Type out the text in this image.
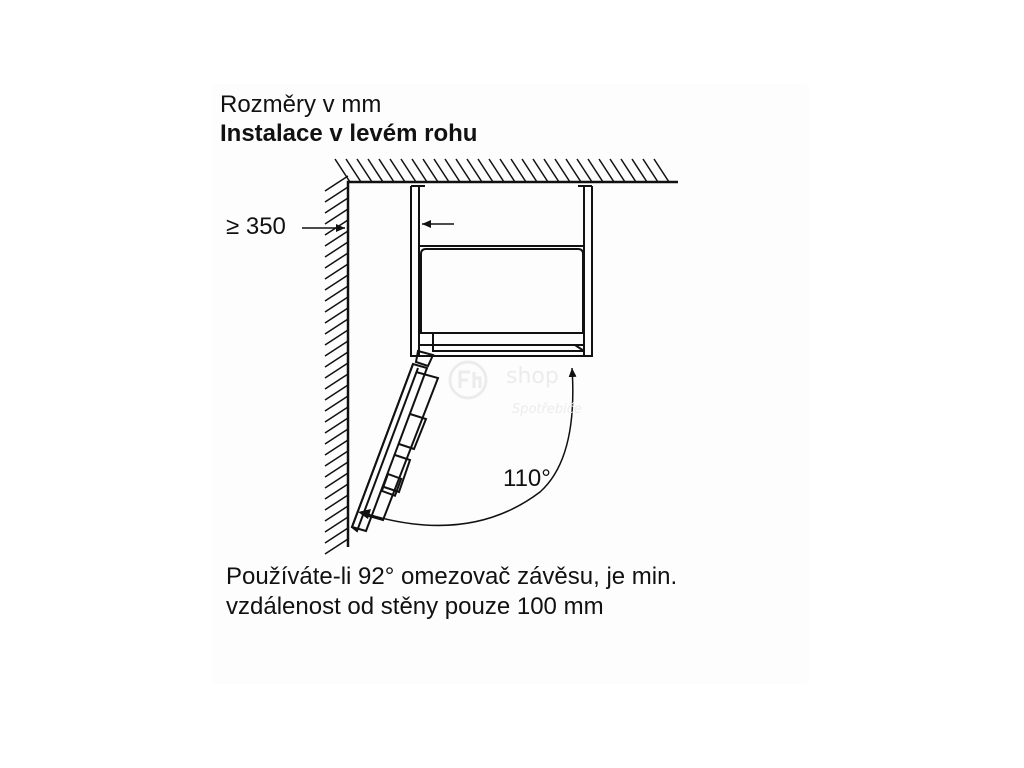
Rozměry v mm
Instalace v levém rohu
≥ 350
110°
shop
Spotřebiče
Používáte-li 92° omezovač závěsu, je min.
vzdálenost od stěny pouze 100 mm
